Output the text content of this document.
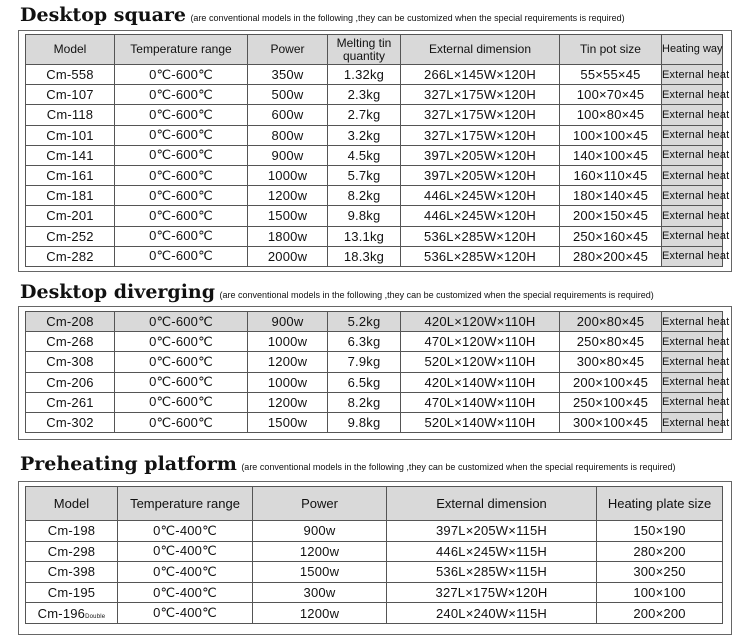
Desktop square (are conventional models in the following ,they can be customized when the special requirements is required)
Model	Temperature range	Power	Melting tin quantity	External dimension	Tin pot size	Heating way
Cm-558	0℃-600℃	350w	1.32kg	266L×145W×120H	55×55×45	External heat
Cm-107	0℃-600℃	500w	2.3kg	327L×175W×120H	100×70×45	External heat
Cm-118	0℃-600℃	600w	2.7kg	327L×175W×120H	100×80×45	External heat
Cm-101	0℃-600℃	800w	3.2kg	327L×175W×120H	100×100×45	External heat
Cm-141	0℃-600℃	900w	4.5kg	397L×205W×120H	140×100×45	External heat
Cm-161	0℃-600℃	1000w	5.7kg	397L×205W×120H	160×110×45	External heat
Cm-181	0℃-600℃	1200w	8.2kg	446L×245W×120H	180×140×45	External heat
Cm-201	0℃-600℃	1500w	9.8kg	446L×245W×120H	200×150×45	External heat
Cm-252	0℃-600℃	1800w	13.1kg	536L×285W×120H	250×160×45	External heat
Cm-282	0℃-600℃	2000w	18.3kg	536L×285W×120H	280×200×45	External heat
Desktop diverging (are conventional models in the following ,they can be customized when the special requirements is required)
Cm-208	0℃-600℃	900w	5.2kg	420L×120W×110H	200×80×45	External heat
Cm-268	0℃-600℃	1000w	6.3kg	470L×120W×110H	250×80×45	External heat
Cm-308	0℃-600℃	1200w	7.9kg	520L×120W×110H	300×80×45	External heat
Cm-206	0℃-600℃	1000w	6.5kg	420L×140W×110H	200×100×45	External heat
Cm-261	0℃-600℃	1200w	8.2kg	470L×140W×110H	250×100×45	External heat
Cm-302	0℃-600℃	1500w	9.8kg	520L×140W×110H	300×100×45	External heat
Preheating platform (are conventional models in the following ,they can be customized when the special requirements is required)
Model	Temperature range	Power	External dimension	Heating plate size
Cm-198	0℃-400℃	900w	397L×205W×115H	150×190
Cm-298	0℃-400℃	1200w	446L×245W×115H	280×200
Cm-398	0℃-400℃	1500w	536L×285W×115H	300×250
Cm-195	0℃-400℃	300w	327L×175W×120H	100×100
Cm-196Double	0℃-400℃	1200w	240L×240W×115H	200×200
